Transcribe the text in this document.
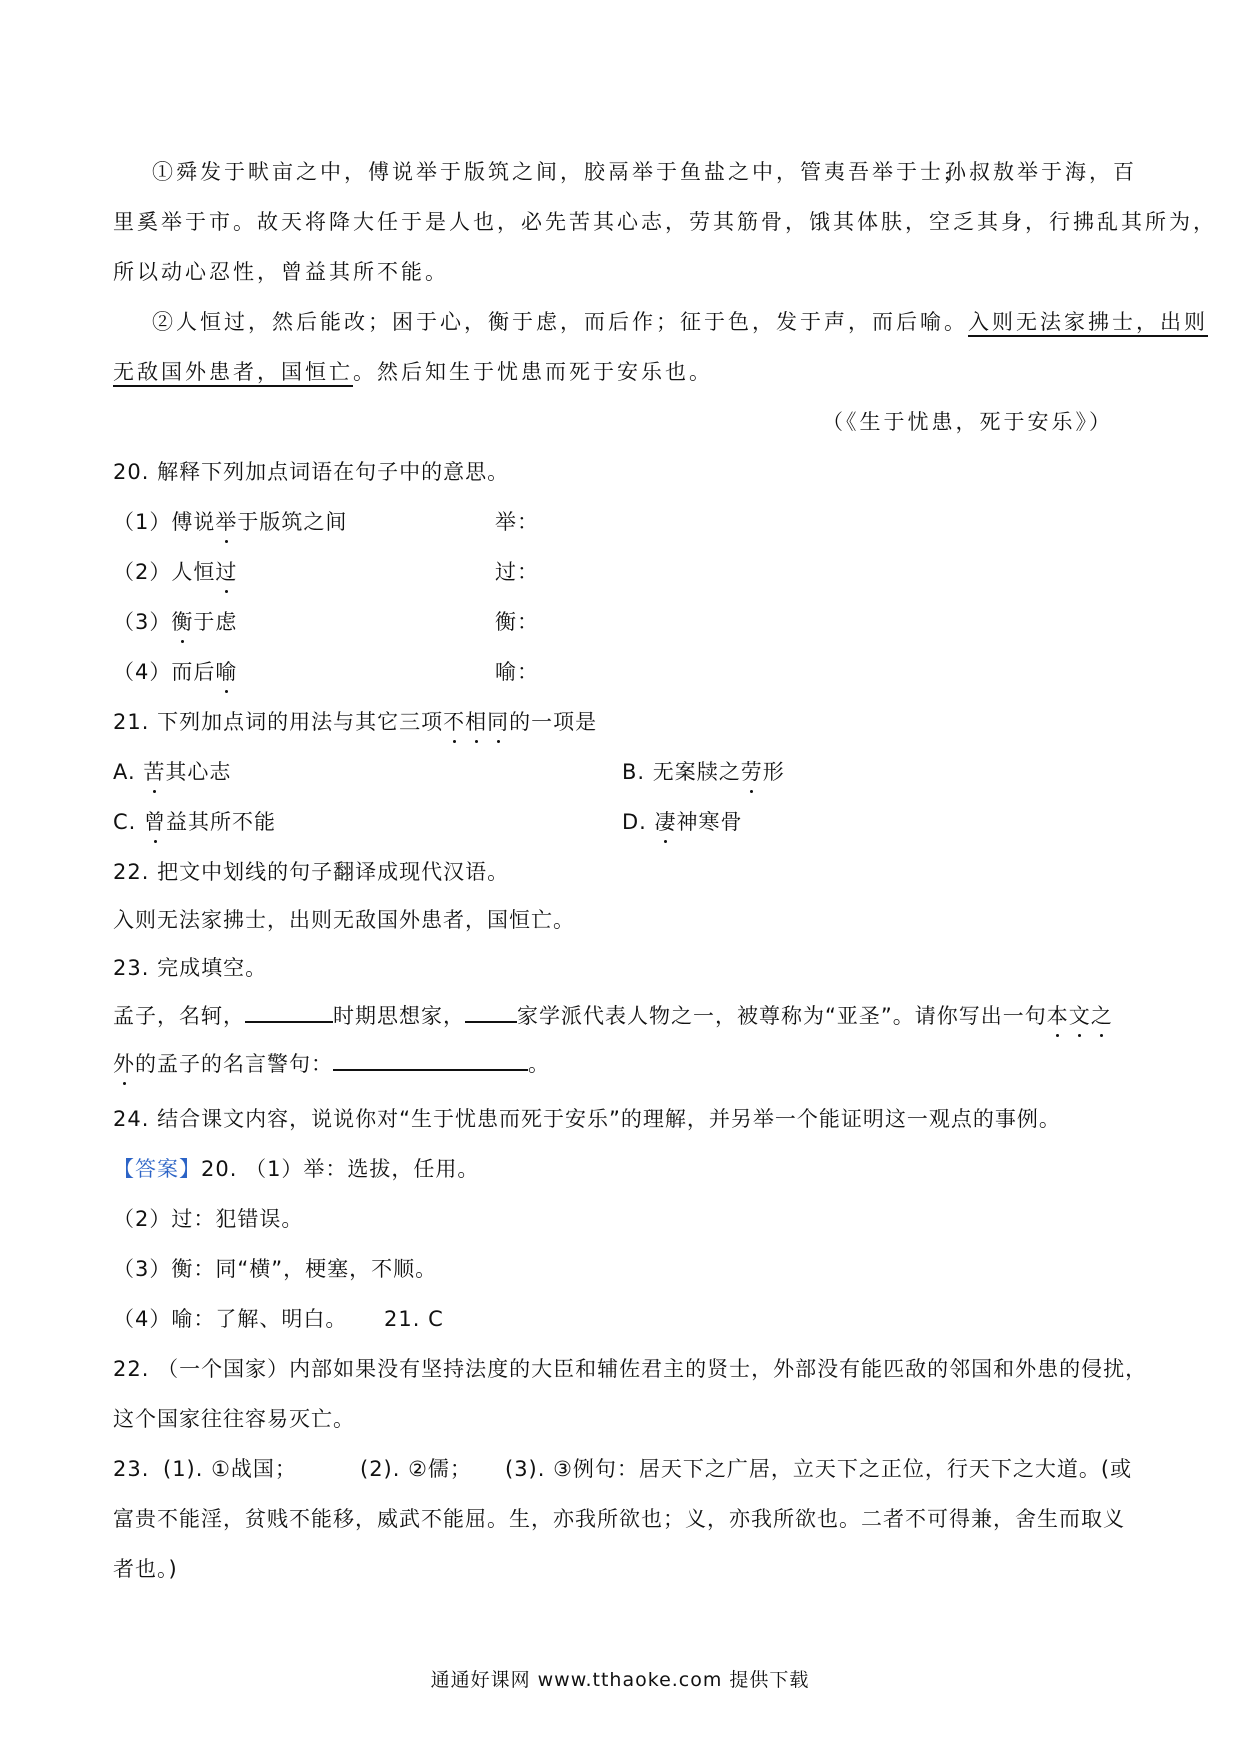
①舜发于畎亩之中，傅说举于版筑之间，胶鬲举于鱼盐之中，管夷吾举于士，
孙叔敖举于海，百
里奚举于市。故天将降大任于是人也，必先苦其心志，劳其筋骨，饿其体肤，空乏其身，行拂乱其所为，
所以动心忍性，曾益其所不能。
②人恒过，然后能改；困于心，衡于虑，而后作；征于色，发于声，而后喻。入则无法家拂士，出则
无敌国外患者，国恒亡。然后知生于忧患而死于安乐也。
（《生于忧患，死于安乐》）
20. 解释下列加点词语在句子中的意思。
（1）傅说举于版筑之间	举：
（2）人恒过	过：
（3）衡于虑	衡：
（4）而后喻	喻：
21. 下列加点词的用法与其它三项不相同的一项是
A. 苦其心志	B. 无案牍之劳形
C. 曾益其所不能	D. 凄神寒骨
22. 把文中划线的句子翻译成现代汉语。
入则无法家拂士，出则无敌国外患者，国恒亡。
23. 完成填空。
孟子，名轲，	时期思想家， 家学派代表人物之一，被尊称为“亚圣”。请你写出一句本文之
外的孟子的名言警句：	。
24. 结合课文内容，说说你对“生于忧患而死于安乐”的理解，并另举一个能证明这一观点的事例。
【答案】20. （1）举：选拔，任用。
（2）过：犯错误。
（3）衡：同“横”，梗塞，不顺。
（4）喻：了解、明白。 21. C
22. （一个国家）内部如果没有坚持法度的大臣和辅佐君主的贤士，外部没有能匹敌的邻国和外患的侵扰，
这个国家往往容易灭亡。
23. (1). ①战国；	(2). ②儒； (3). ③例句：居天下之广居，立天下之正位，行天下之大道。(或
富贵不能淫，贫贱不能移，威武不能屈。生，亦我所欲也；义，亦我所欲也。二者不可得兼，舍生而取义
者也。)
通通好课网 www.tthaoke.com 提供下载
